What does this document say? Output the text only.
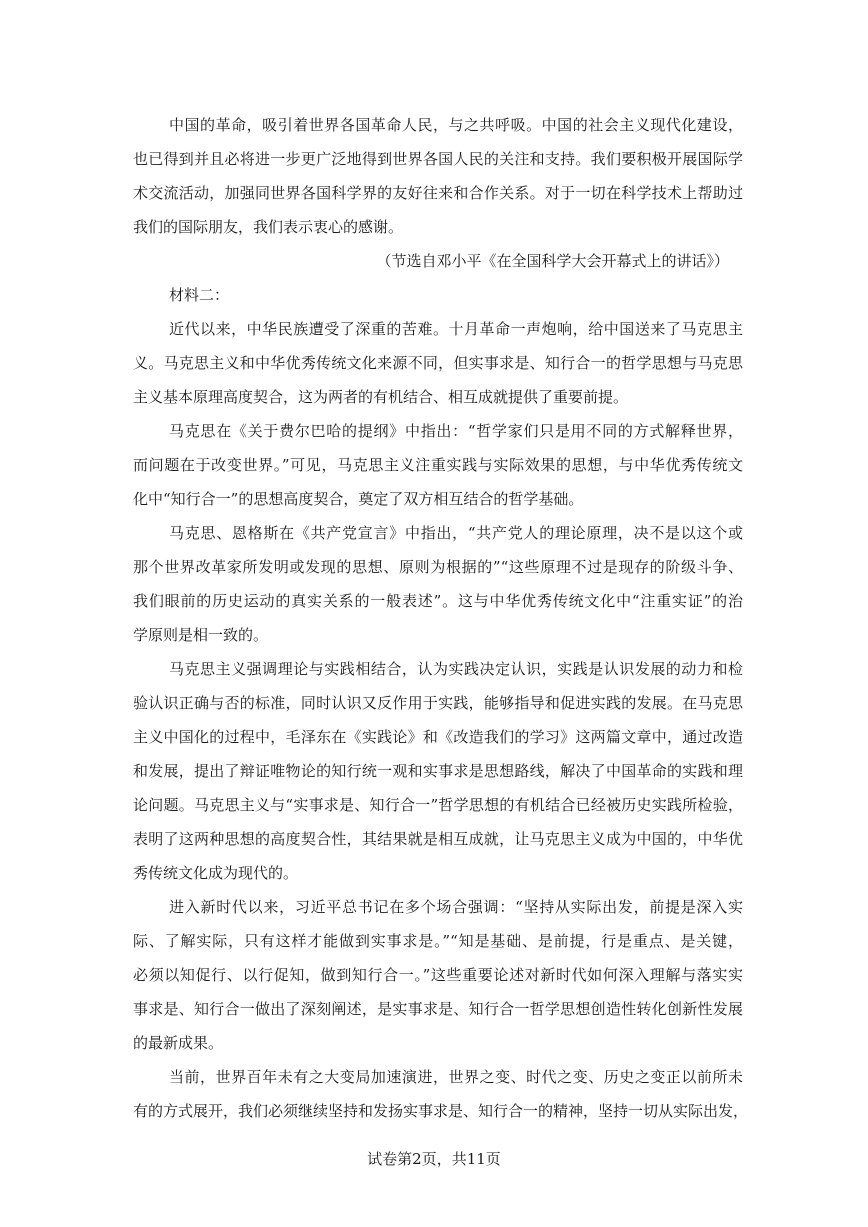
中国的革命，吸引着世界各国革命人民，与之共呼吸。中国的社会主义现代化建设，
也已得到并且必将进一步更广泛地得到世界各国人民的关注和支持。我们要积极开展国际学
术交流活动，加强同世界各国科学界的友好往来和合作关系。对于一切在科学技术上帮助过
我们的国际朋友，我们表示衷心的感谢。
（节选自邓小平《在全国科学大会开幕式上的讲话》）
材料二：
近代以来，中华民族遭受了深重的苦难。十月革命一声炮响，给中国送来了马克思主
义。马克思主义和中华优秀传统文化来源不同，但实事求是、知行合一的哲学思想与马克思
主义基本原理高度契合，这为两者的有机结合、相互成就提供了重要前提。
马克思在《关于费尔巴哈的提纲》中指出：“哲学家们只是用不同的方式解释世界，
而问题在于改变世界。”可见，马克思主义注重实践与实际效果的思想，与中华优秀传统文
化中“知行合一”的思想高度契合，奠定了双方相互结合的哲学基础。
马克思、恩格斯在《共产党宣言》中指出，“共产党人的理论原理，决不是以这个或
那个世界改革家所发明或发现的思想、原则为根据的”“这些原理不过是现存的阶级斗争、
我们眼前的历史运动的真实关系的一般表述”。这与中华优秀传统文化中“注重实证”的治
学原则是相一致的。
马克思主义强调理论与实践相结合，认为实践决定认识，实践是认识发展的动力和检
验认识正确与否的标准，同时认识又反作用于实践，能够指导和促进实践的发展。在马克思
主义中国化的过程中，毛泽东在《实践论》和《改造我们的学习》这两篇文章中，通过改造
和发展，提出了辩证唯物论的知行统一观和实事求是思想路线，解决了中国革命的实践和理
论问题。马克思主义与“实事求是、知行合一”哲学思想的有机结合已经被历史实践所检验，
表明了这两种思想的高度契合性，其结果就是相互成就，让马克思主义成为中国的，中华优
秀传统文化成为现代的。
进入新时代以来，习近平总书记在多个场合强调：“坚持从实际出发，前提是深入实
际、了解实际，只有这样才能做到实事求是。”“知是基础、是前提，行是重点、是关键，
必须以知促行、以行促知，做到知行合一。”这些重要论述对新时代如何深入理解与落实实
事求是、知行合一做出了深刻阐述，是实事求是、知行合一哲学思想创造性转化创新性发展
的最新成果。
当前，世界百年未有之大变局加速演进，世界之变、时代之变、历史之变正以前所未
有的方式展开，我们必须继续坚持和发扬实事求是、知行合一的精神，坚持一切从实际出发，
试卷第2页，共11页
